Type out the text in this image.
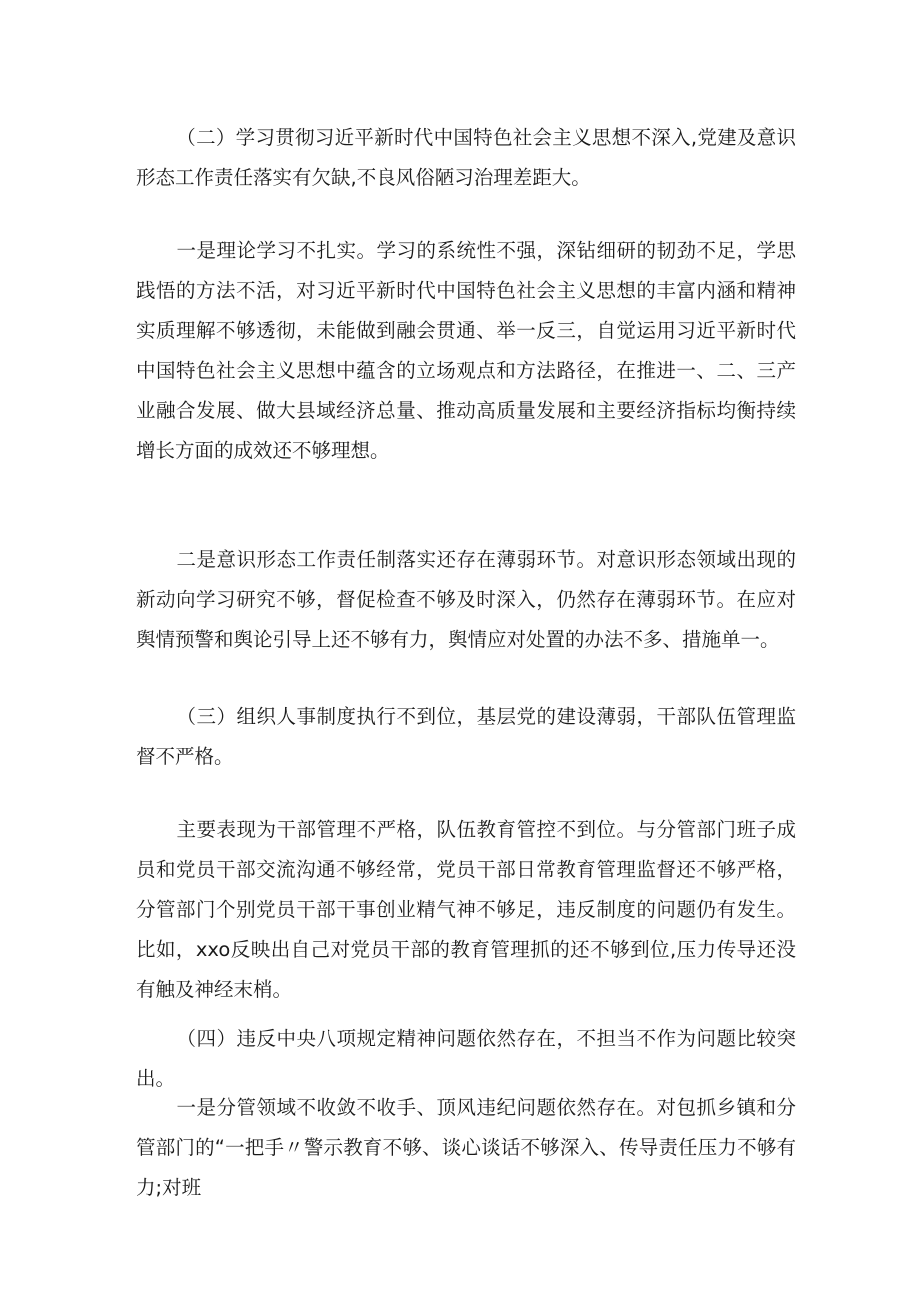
（二）学习贯彻习近平新时代中国特色社会主义思想不深入,党建及意识形态工作责任落实有欠缺,不良风俗陋习治理差距大。

一是理论学习不扎实。学习的系统性不强，深钻细研的韧劲不足，学思践悟的方法不活，对习近平新时代中国特色社会主义思想的丰富内涵和精神实质理解不够透彻，未能做到融会贯通、举一反三，自觉运用习近平新时代中国特色社会主义思想中蕴含的立场观点和方法路径，在推进一、二、三产业融合发展、做大县域经济总量、推动高质量发展和主要经济指标均衡持续增长方面的成效还不够理想。

二是意识形态工作责任制落实还存在薄弱环节。对意识形态领域出现的新动向学习研究不够，督促检查不够及时深入，仍然存在薄弱环节。在应对舆情预警和舆论引导上还不够有力，舆情应对处置的办法不多、措施单一。

（三）组织人事制度执行不到位，基层党的建设薄弱，干部队伍管理监督不严格。

主要表现为干部管理不严格，队伍教育管控不到位。与分管部门班子成员和党员干部交流沟通不够经常，党员干部日常教育管理监督还不够严格，分管部门个别党员干部干事创业精气神不够足，违反制度的问题仍有发生。比如，xxo反映出自己对党员干部的教育管理抓的还不够到位,压力传导还没有触及神经末梢。

（四）违反中央八项规定精神问题依然存在，不担当不作为问题比较突出。

一是分管领域不收敛不收手、顶风违纪问题依然存在。对包抓乡镇和分管部门的“一把手〃警示教育不够、谈心谈话不够深入、传导责任压力不够有力;对班
